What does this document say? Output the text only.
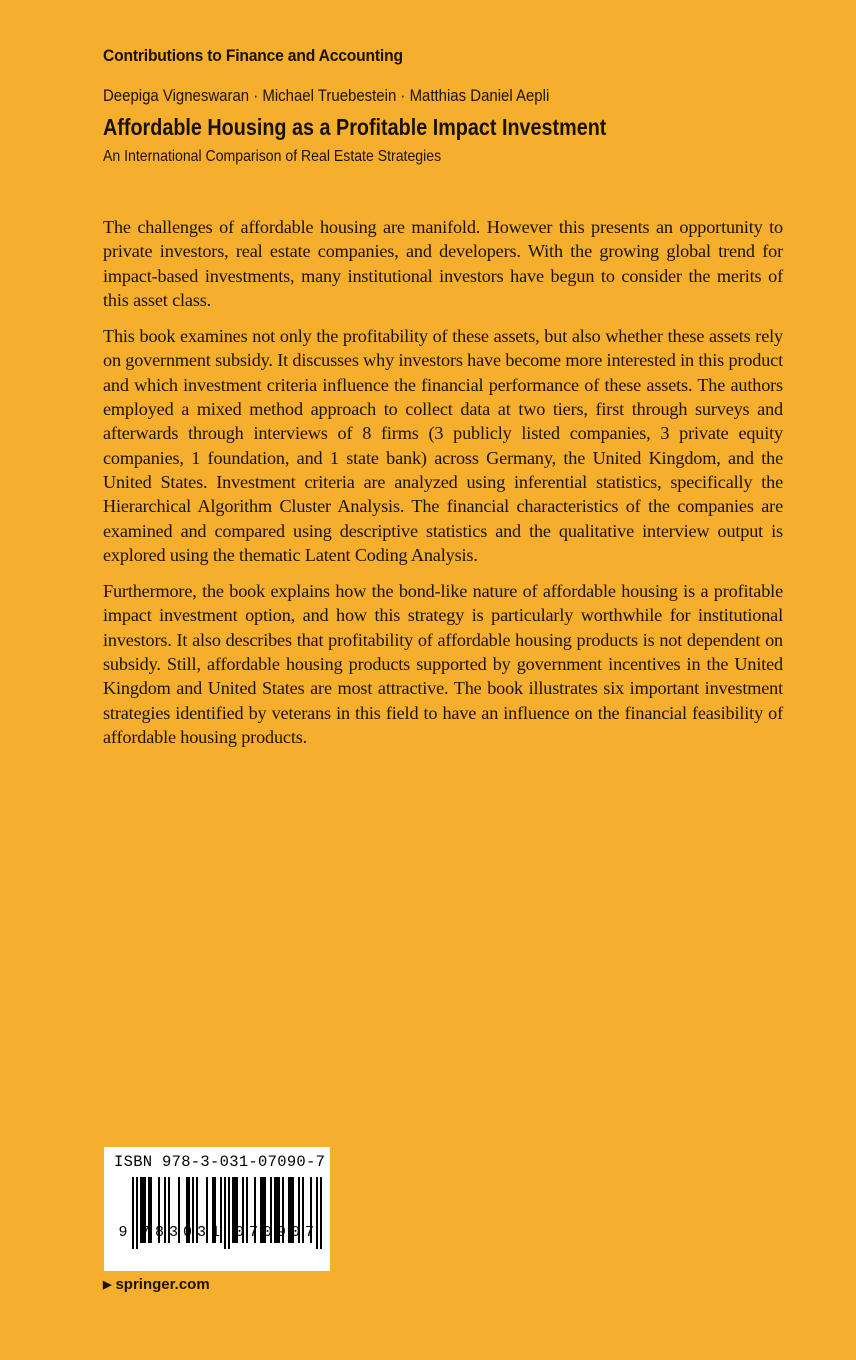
Contributions to Finance and Accounting
Deepiga Vigneswaran · Michael Truebestein · Matthias Daniel Aepli
Affordable Housing as a Profitable Impact Investment
An International Comparison of Real Estate Strategies

The challenges of affordable housing are manifold. However this presents an opportunity to private investors, real estate companies, and developers. With the growing global trend for impact-based investments, many institutional investors have begun to consider the merits of this asset class.

This book examines not only the profitability of these assets, but also whether these assets rely on government subsidy. It discusses why investors have become more interested in this product and which investment criteria influence the financial performance of these assets. The authors employed a mixed method approach to collect data at two tiers, first through surveys and afterwards through interviews of 8 firms (3 publicly listed companies, 3 private equity companies, 1 foundation, and 1 state bank) across Germany, the United Kingdom, and the United States. Investment criteria are analyzed using inferential statistics, specifically the Hierarchical Algorithm Cluster Analysis. The financial characteristics of the companies are examined and compared using descriptive statistics and the qualitative interview output is explored using the thematic Latent Coding Analysis.

Furthermore, the book explains how the bond-like nature of affordable housing is a profitable impact investment option, and how this strategy is particularly worthwhile for institutional investors. It also describes that profitability of affordable housing products is not dependent on subsidy. Still, affordable housing products supported by government incentives in the United Kingdom and United States are most attractive. The book illustrates six important investment strategies identified by veterans in this field to have an influence on the financial feasibility of affordable housing products.

ISBN 978-3-031-07090-7
9 7 8 3 0 3 1 0 7 0 9 0 7
▶ springer.com
